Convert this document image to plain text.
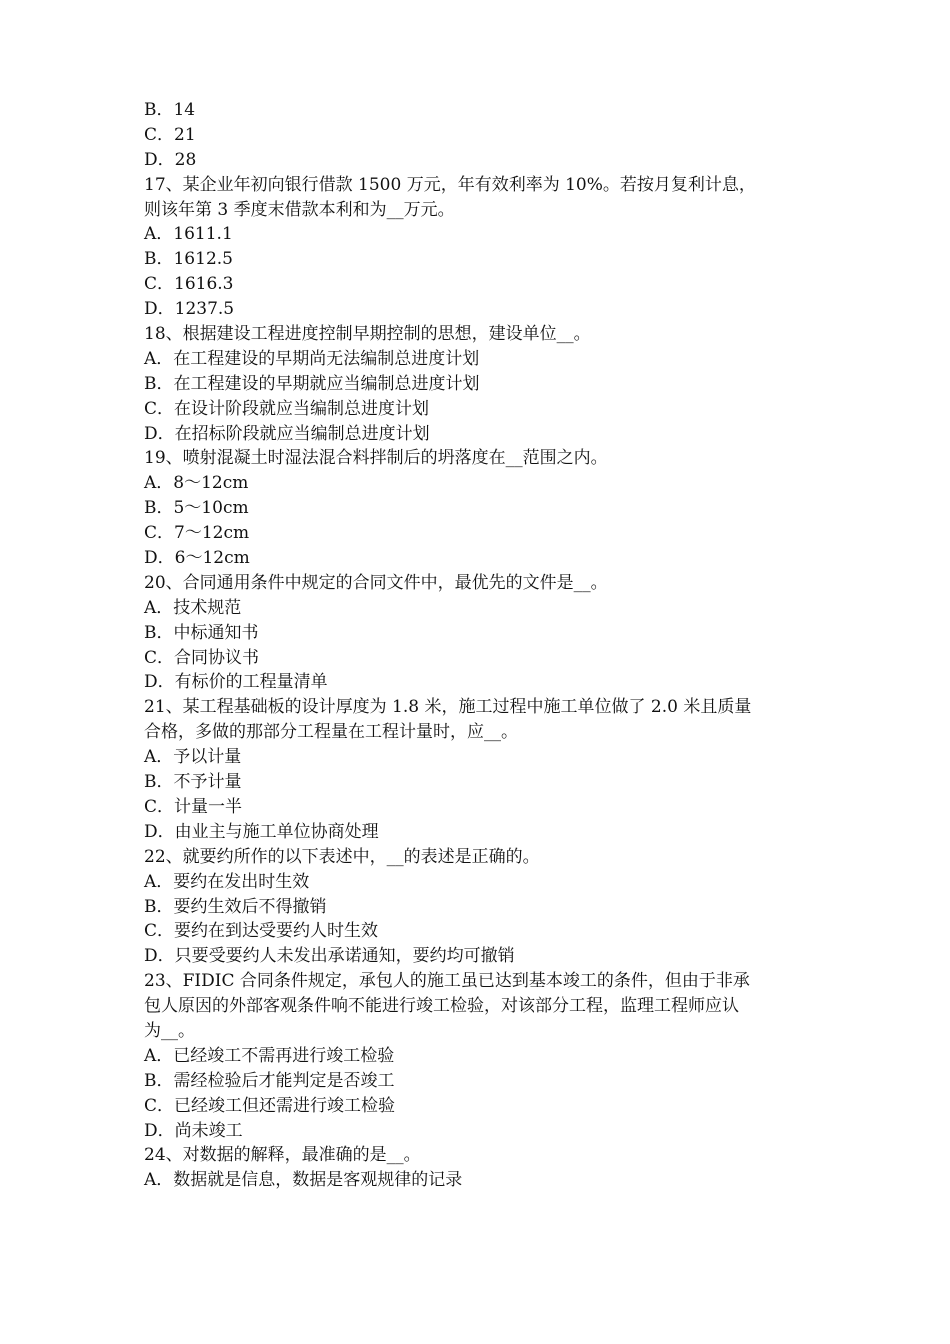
B．14
C．21
D．28
17、某企业年初向银行借款 1500 万元，年有效利率为 10%。若按月复利计息，
则该年第 3 季度末借款本利和为__万元。
A．1611.1
B．1612.5
C．1616.3
D．1237.5
18、根据建设工程进度控制早期控制的思想，建设单位__。
A．在工程建设的早期尚无法编制总进度计划
B．在工程建设的早期就应当编制总进度计划
C．在设计阶段就应当编制总进度计划
D．在招标阶段就应当编制总进度计划
19、喷射混凝土时湿法混合料拌制后的坍落度在__范围之内。
A．8～12cm
B．5～10cm
C．7～12cm
D．6～12cm
20、合同通用条件中规定的合同文件中，最优先的文件是__。
A．技术规范
B．中标通知书
C．合同协议书
D．有标价的工程量清单
21、某工程基础板的设计厚度为 1.8 米，施工过程中施工单位做了 2.0 米且质量
合格，多做的那部分工程量在工程计量时，应__。
A．予以计量
B．不予计量
C．计量一半
D．由业主与施工单位协商处理
22、就要约所作的以下表述中，__的表述是正确的。
A．要约在发出时生效
B．要约生效后不得撤销
C．要约在到达受要约人时生效
D．只要受要约人未发出承诺通知，要约均可撤销
23、FIDIC 合同条件规定，承包人的施工虽已达到基本竣工的条件，但由于非承
包人原因的外部客观条件响不能进行竣工检验，对该部分工程，监理工程师应认
为__。
A．已经竣工不需再进行竣工检验
B．需经检验后才能判定是否竣工
C．已经竣工但还需进行竣工检验
D．尚未竣工
24、对数据的解释，最准确的是__。
A．数据就是信息，数据是客观规律的记录
